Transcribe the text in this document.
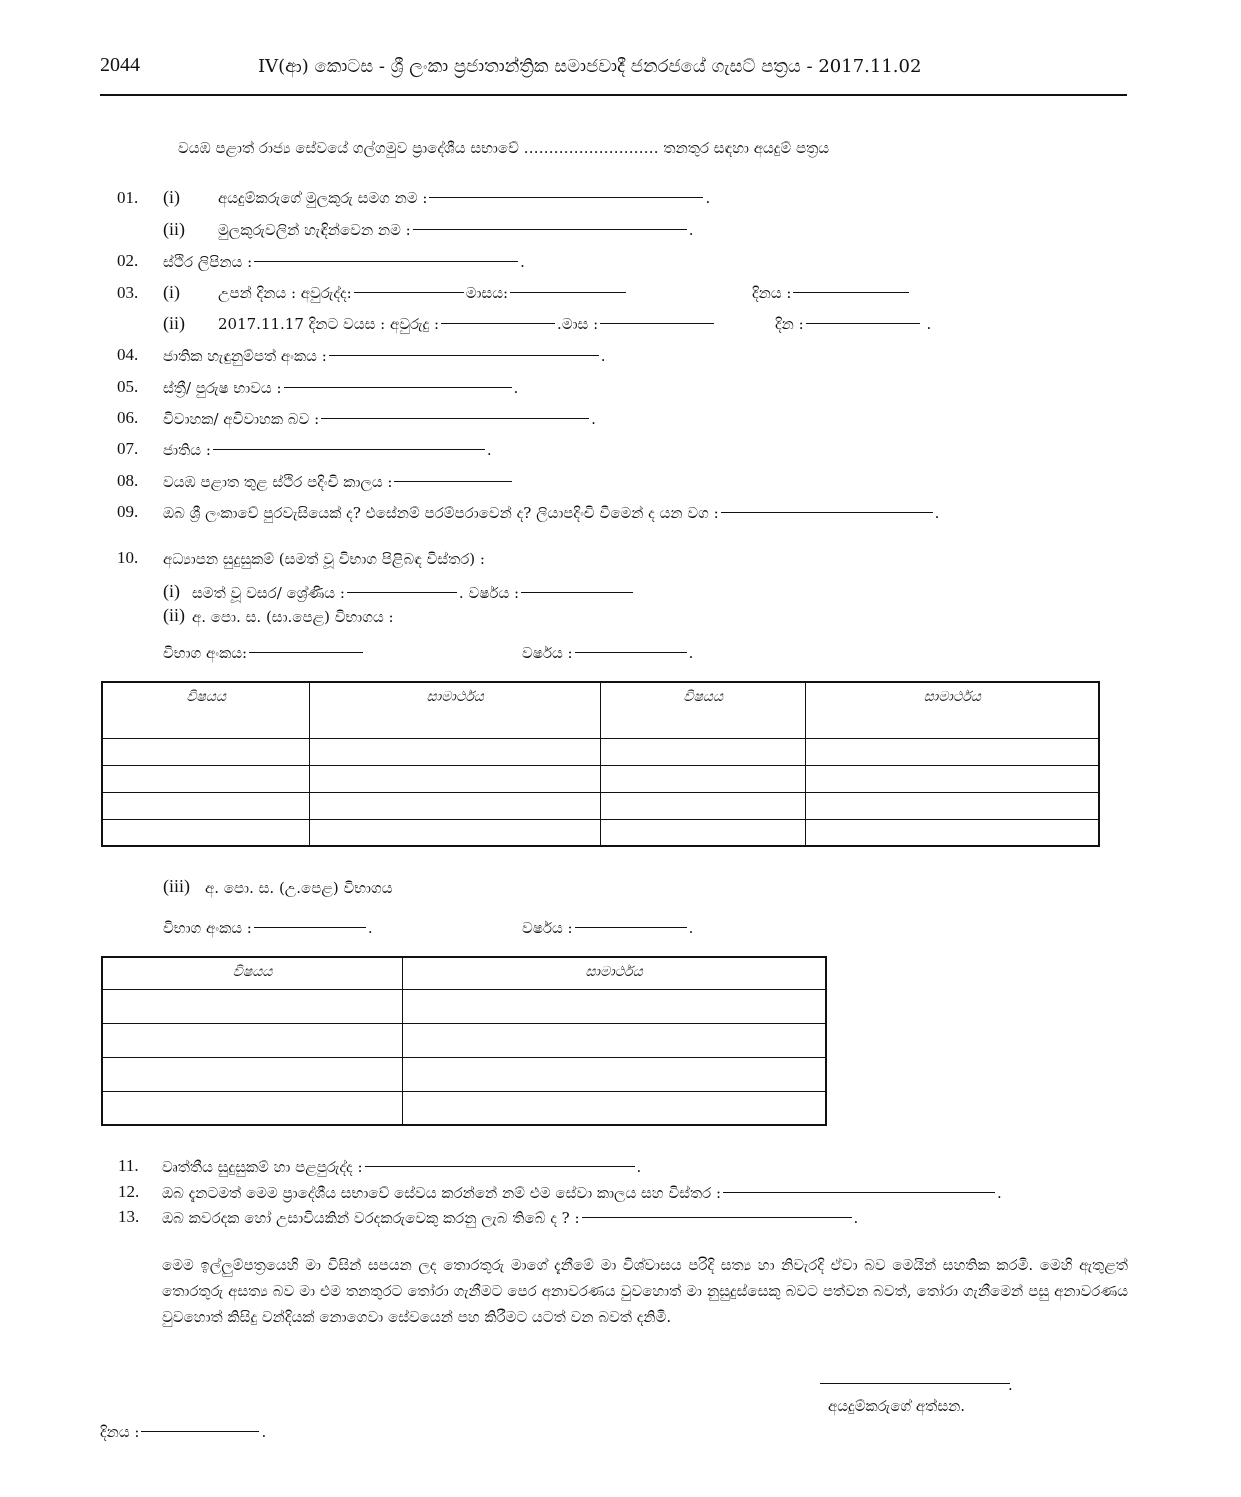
2044	IV(ආ) කොටස - ශ්‍රී ලංකා ප්‍රජාතාන්ත්‍රික සමාජවාදී ජනරජයේ ගැසට් පත්‍රය - 2017.11.02
වයඹ පළාත් රාජ්‍ය සේවයේ ගල්ගමුව ප්‍රාදේශීය සභාවේ ……………………… තනතුර සඳහා අයදුම් පත්‍රය
01. (i)	අයදුම්කරුගේ මුලකුරු සමග නම :	.
(ii) මුලකුරුවලින් හැඳින්වෙන නම :	.
02. ස්ථිර ලිපිනය :	.
03. (i)	උපන් දිනය : අවුරුද්ද:	මාසය:	දිනය :
(ii) 2017.11.17 දිනට වයස : අවුරුදු :	.මාස :	දින :	.
04. ජාතික හැඳුනුම්පත් අංකය :	.
05. ස්ත්‍රී/ පුරුෂ භාවය :	.
06. විවාහක/ අවිවාහක බව :	.
07. ජාතිය :	.
08. වයඹ පළාත තුළ ස්ථිර පදිංචි කාලය :
09. ඔබ ශ්‍රී ලංකාවේ පුරවැසියෙක් ද? එසේනම් පරම්පරාවෙන් ද? ලියාපදිංචි වීමෙන් ද යන වග :	.
10. අධ්‍යාපන සුදුසුකම් (සමත් වූ විභාග පිළිබඳ විස්තර) :
(i) සමත් වූ වසර/ ශ්‍රේණිය :	. වර්ෂය :
(ii) අ. පො. ස. (සා.පෙළ) විභාගය :
විභාග අංකය:	වර්ෂය :	.
විෂයය	සාමාර්ථය	විෂයය	සාමාර්ථය

(iii) අ. පො. ස. (උ.පෙළ) විභාගය
විභාග අංකය :	.	වර්ෂය :	.
විෂයය	සාමාර්ථය

11. වෘත්තීය සුදුසුකම් හා පළපුරුද්ද :	.
12. ඔබ දැනටමත් මෙම ප්‍රාදේශීය සභාවේ සේවය කරන්නේ නම් එම සේවා කාලය සහ විස්තර :	.
13. ඔබ කවරදක හෝ උසාවියකින් වරදකරුවෙකු කරනු ලැබ තිබේ ද ? :	.
මෙම ඉල්ලුම්පත්‍රයෙහි මා විසින් සපයන ලද තොරතුරු මාගේ දැනීමේ මා විශ්වාසය පරිදි සත්‍ය හා නිවැරදි ඒවා බව මෙයින් සහතික කරමි. මෙහි ඇතුළත් තොරතුරු අසත්‍ය බව මා එම තනතුරට තෝරා ගැනීමට පෙර අනාවරණය වුවහොත් මා නුසුදුස්සෙකු බවට පත්වන බවත්, තෝරා ගැනීමෙන් පසු අනාවරණය වුවහොත් කිසිදු වන්දියක් නොගෙවා සේවයෙන් පහ කිරීමට යටත් වන බවත් දනිමි.
.
අයදුම්කරුගේ අත්සන.
දිනය :	.
